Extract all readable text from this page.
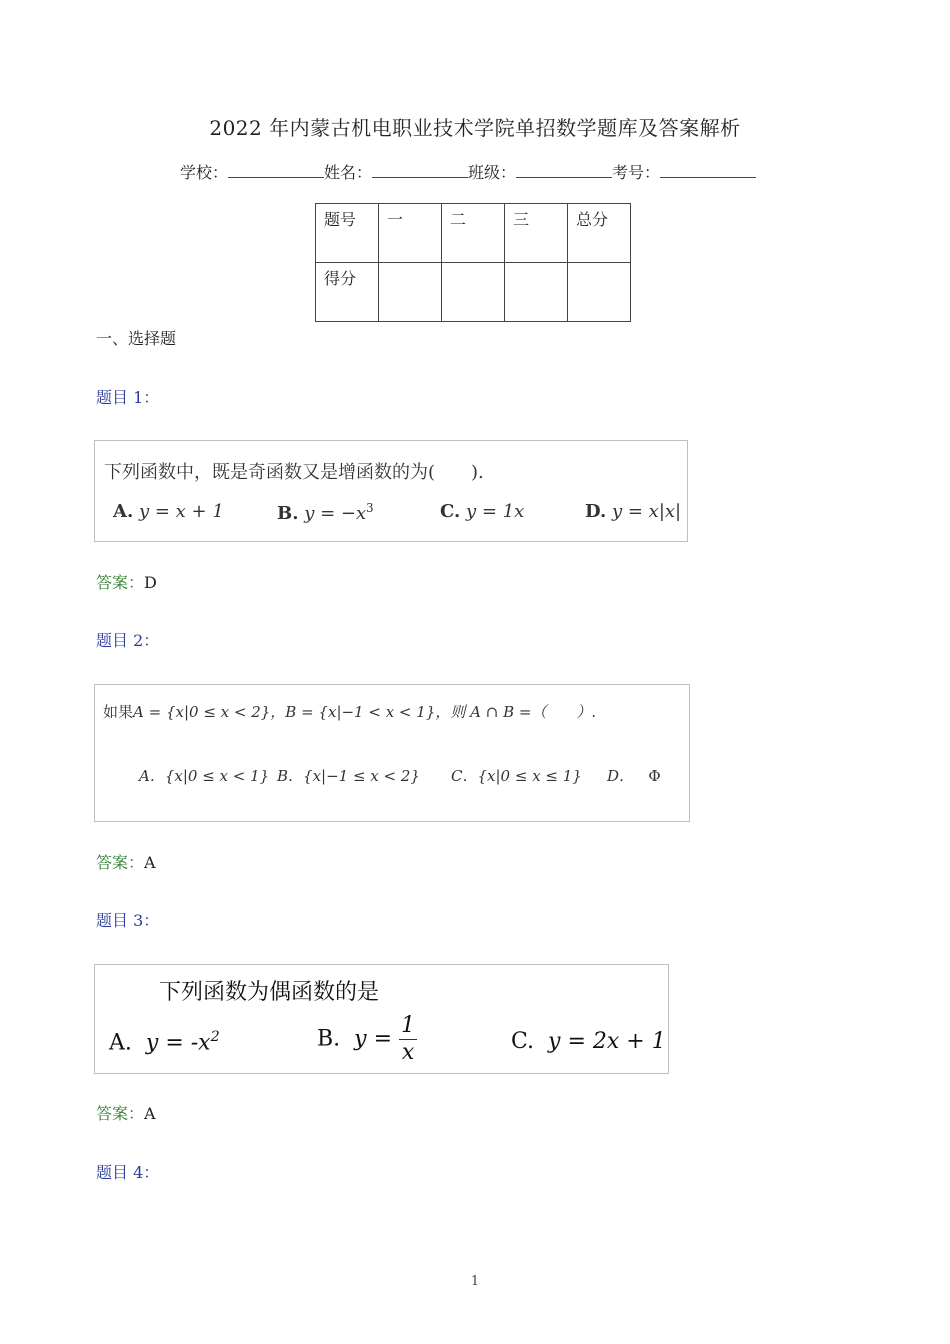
2022 年内蒙古机电职业技术学院单招数学题库及答案解析
学校：	姓名：	班级：	考号：
题号	一	二	三	总分
得分				
一、选择题
题目 1：
下列函数中，既是奇函数又是增函数的为(　　).
A. y = x + 1	B. $y = -x^3$	C. y = 1x	D. y = x|x|
答案：D
题目 2：
如果A = {x|0 ≤ x < 2}，B = {x|−1 < x < 1}，则 A ∩ B =（　　）.
A．{x|0 ≤ x < 1} B．{x|−1 ≤ x < 2} C．{x|0 ≤ x ≤ 1} D． Φ
答案：A
题目 3：
下列函数为偶函数的是
A. $y = -x^2$	B. $y = \frac{1}{x}$	C. y = 2x + 1
答案：A
题目 4：
1
